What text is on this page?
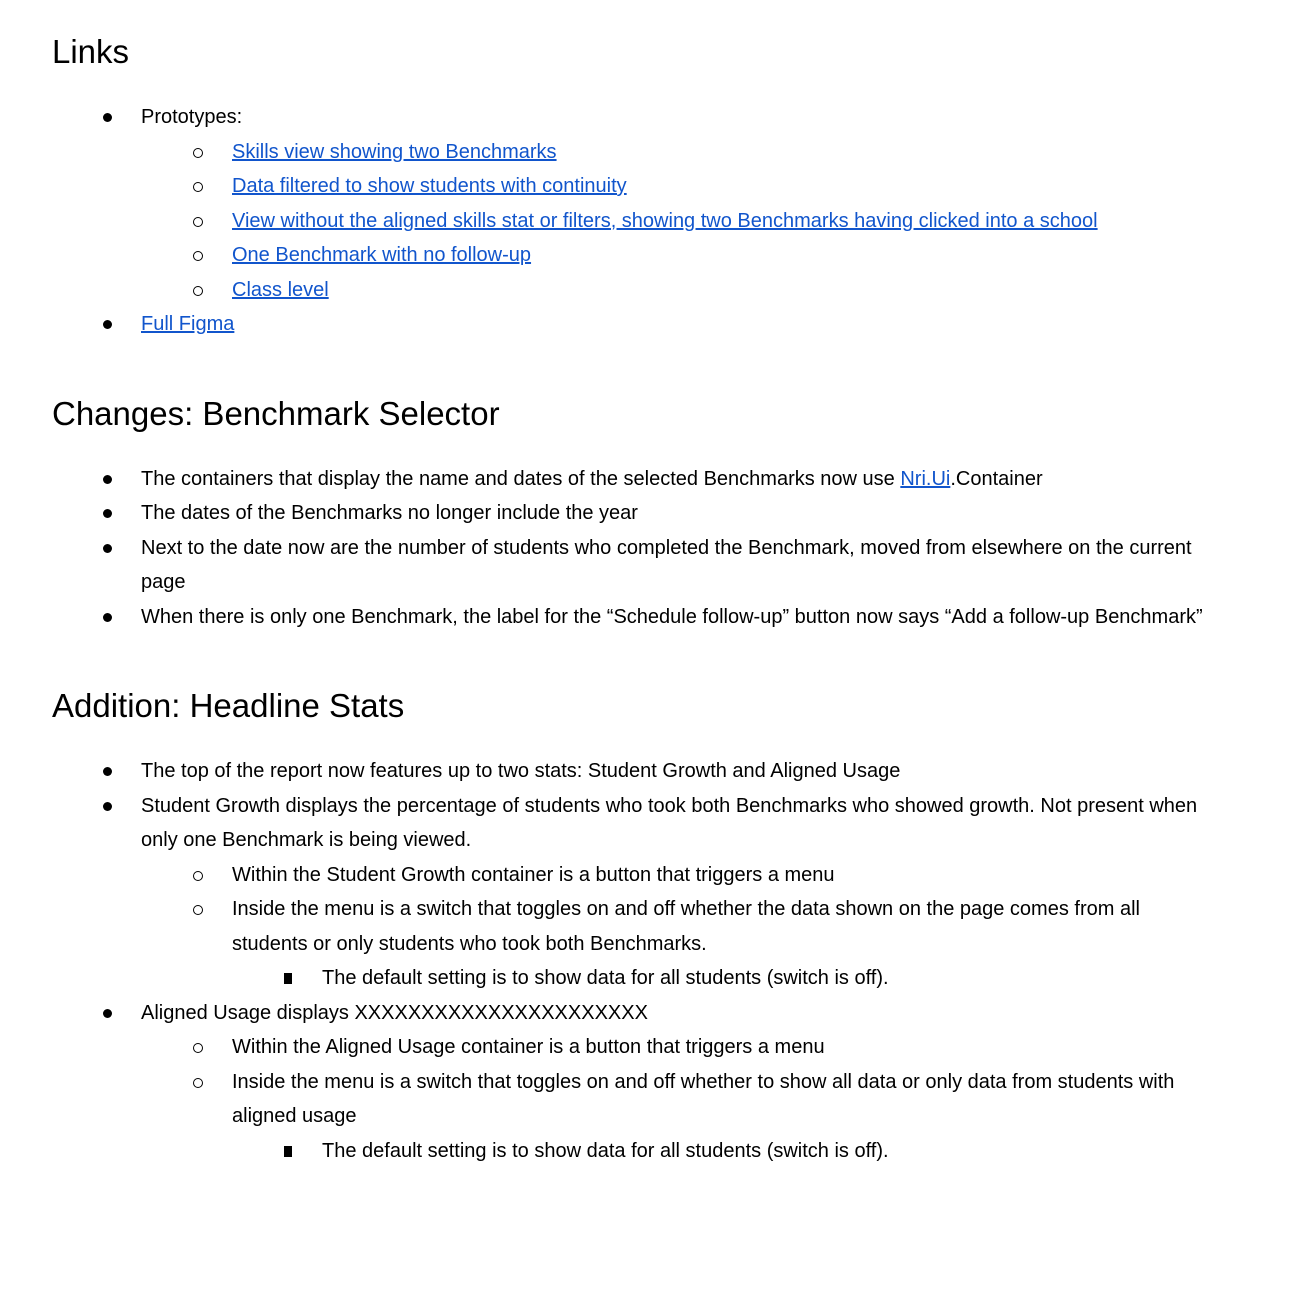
Links
Prototypes:
Skills view showing two Benchmarks
Data filtered to show students with continuity
View without the aligned skills stat or filters, showing two Benchmarks having clicked into a school
One Benchmark with no follow-up
Class level
Full Figma
Changes: Benchmark Selector
The containers that display the name and dates of the selected Benchmarks now use Nri.Ui.Container
The dates of the Benchmarks no longer include the year
Next to the date now are the number of students who completed the Benchmark, moved from elsewhere on the current page
When there is only one Benchmark, the label for the “Schedule follow-up” button now says “Add a follow-up Benchmark”
Addition: Headline Stats
The top of the report now features up to two stats: Student Growth and Aligned Usage
Student Growth displays the percentage of students who took both Benchmarks who showed growth. Not present when only one Benchmark is being viewed.
Within the Student Growth container is a button that triggers a menu
Inside the menu is a switch that toggles on and off whether the data shown on the page comes from all students or only students who took both Benchmarks.
The default setting is to show data for all students (switch is off).
Aligned Usage displays XXXXXXXXXXXXXXXXXXXXXX
Within the Aligned Usage container is a button that triggers a menu
Inside the menu is a switch that toggles on and off whether to show all data or only data from students with aligned usage
The default setting is to show data for all students (switch is off).
